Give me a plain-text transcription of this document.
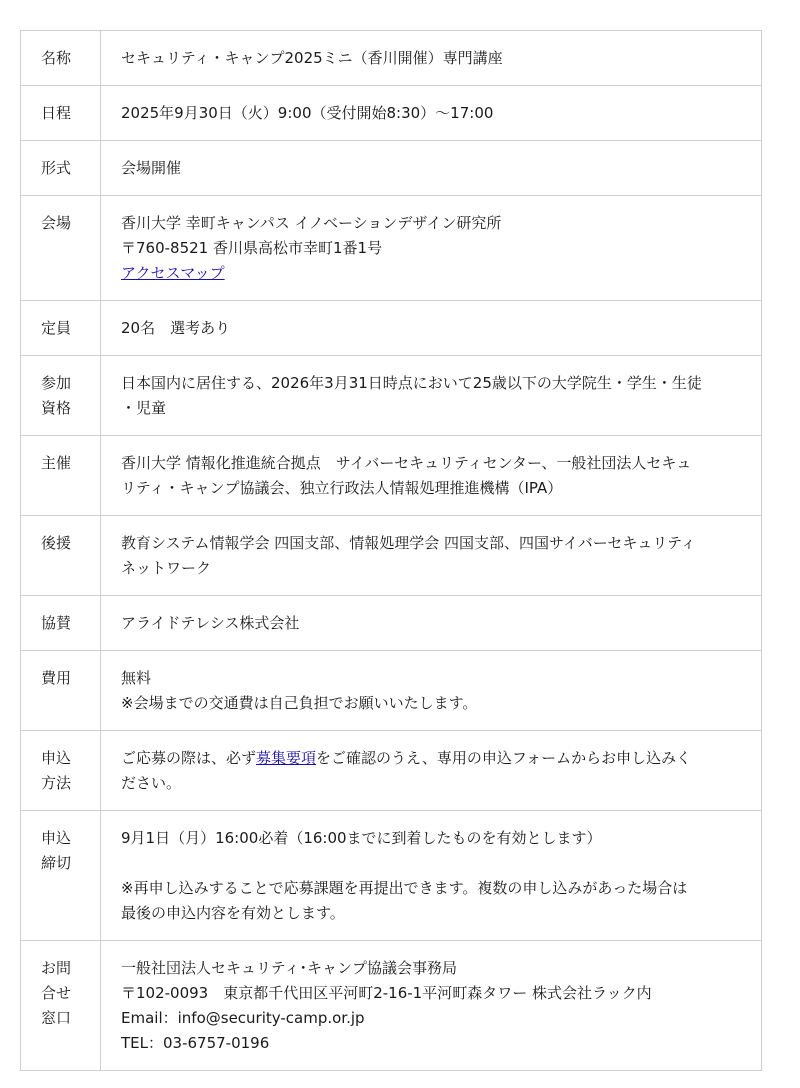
名称	セキュリティ・キャンプ2025ミニ（香川開催）専門講座
日程	2025年9月30日（火）9:00（受付開始8:30）〜17:00
形式	会場開催
会場	香川大学 幸町キャンパス イノベーションデザイン研究所
〒760-8521 香川県高松市幸町1番1号
アクセスマップ

定員	20名　選考あり

参加
資格	日本国内に居住する、2026年3月31日時点において25歳以下の大学院生・学生・生徒
・児童

主催	香川大学 情報化推進統合拠点　サイバーセキュリティセンター、一般社団法人セキュ
リティ・キャンプ協議会、独立行政法人情報処理推進機構（IPA）

後援	教育システム情報学会 四国支部、情報処理学会 四国支部、四国サイバーセキュリティ
ネットワーク

協賛	アライドテレシス株式会社
費用	無料
※会場までの交通費は自己負担でお願いいたします。

申込
方法	ご応募の際は、必ず募集要項をご確認のうえ、専用の申込フォームからお申し込みく
ださい。

申込
締切	9月1日（月）16:00必着（16:00までに到着したものを有効とします）
※再申し込みすることで応募課題を再提出できます。複数の申し込みがあった場合は
最後の申込内容を有効とします。

お問
合せ
窓口	一般社団法人セキュリティ･キャンプ協議会事務局
〒102-0093　東京都千代田区平河町2-16-1平河町森タワー 株式会社ラック内
Email：info@security-camp.or.jp
TEL：03-6757-0196
